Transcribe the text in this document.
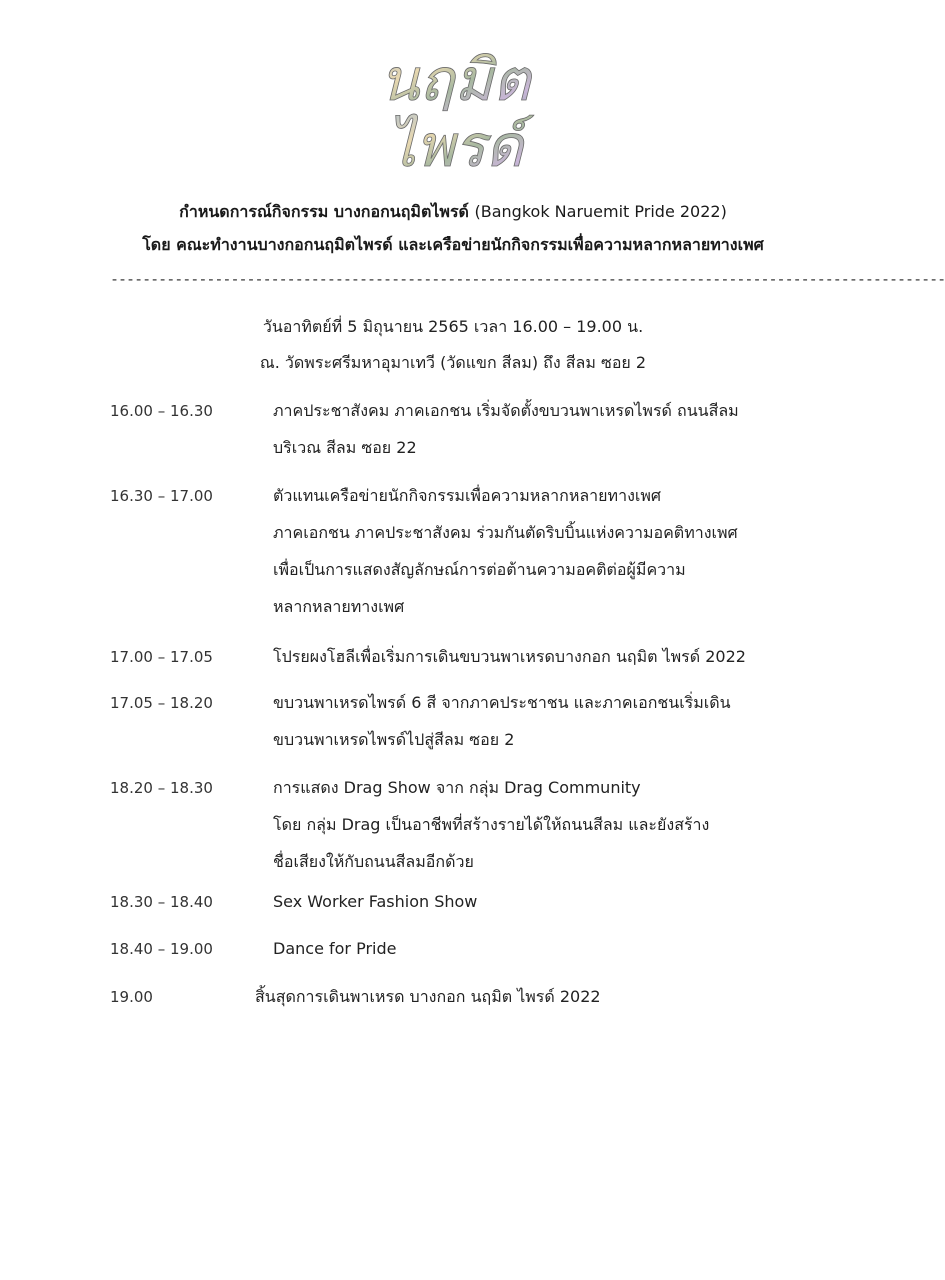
นฤมิต
ไพรด์
กำหนดการณ์กิจกรรม บางกอกนฤมิตไพรด์ (Bangkok Naruemit Pride 2022)
โดย คณะทำงานบางกอกนฤมิตไพรด์ และเครือข่ายนักกิจกรรมเพื่อความหลากหลายทางเพศ
--------------------------------------------------------------------------------------------------------
วันอาทิตย์ที่ 5 มิถุนายน 2565 เวลา 16.00 – 19.00 น.
ณ. วัดพระศรีมหาอุมาเทวี (วัดแขก สีลม) ถึง สีลม ซอย 2
16.00 – 16.30	ภาคประชาสังคม ภาคเอกชน เริ่มจัดตั้งขบวนพาเหรดไพรด์ ถนนสีลม
บริเวณ สีลม ซอย 22
16.30 – 17.00	ตัวแทนเครือข่ายนักกิจกรรมเพื่อความหลากหลายทางเพศ
ภาคเอกชน ภาคประชาสังคม ร่วมกันตัดริบบิ้นแห่งความอคติทางเพศ
เพื่อเป็นการแสดงสัญลักษณ์การต่อต้านความอคติต่อผู้มีความ
หลากหลายทางเพศ
17.00 – 17.05	โปรยผงโฮลีเพื่อเริ่มการเดินขบวนพาเหรดบางกอก นฤมิต ไพรด์ 2022
17.05 – 18.20	ขบวนพาเหรดไพรด์ 6 สี จากภาคประชาชน และภาคเอกชนเริ่มเดิน
ขบวนพาเหรดไพรด์ไปสู่สีลม ซอย 2
18.20 – 18.30	การแสดง Drag Show จาก กลุ่ม Drag Community
โดย กลุ่ม Drag เป็นอาชีพที่สร้างรายได้ให้ถนนสีลม และยังสร้าง
ชื่อเสียงให้กับถนนสีลมอีกด้วย
18.30 – 18.40	Sex Worker Fashion Show
18.40 – 19.00	Dance for Pride
19.00	สิ้นสุดการเดินพาเหรด บางกอก นฤมิต ไพรด์ 2022
